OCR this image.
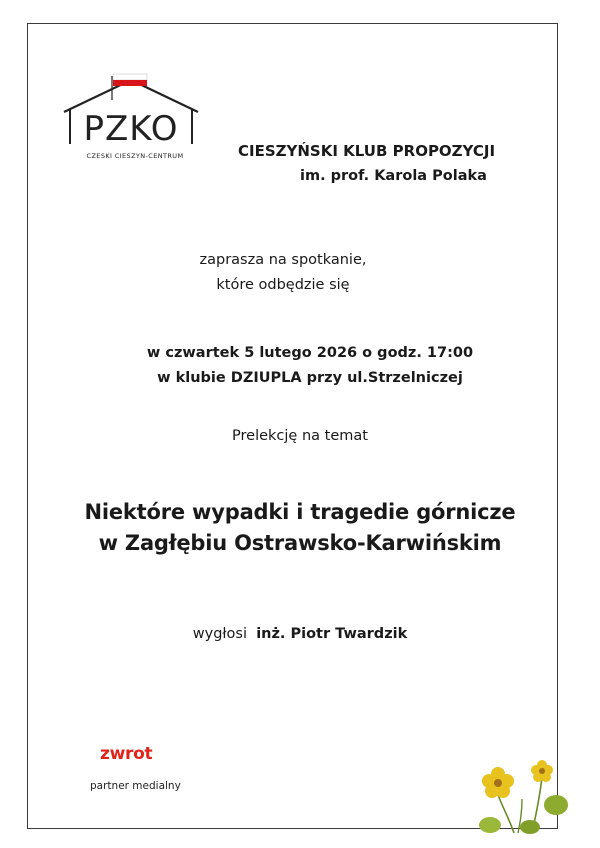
PZKO
CZESKI CIESZYN-CENTRUM	CIESZYŃSKI KLUB PROPOZYCJI
im. prof. Karola Polaka
zaprasza na spotkanie,
które odbędzie się
w czwartek 5 lutego 2026 o godz. 17:00
w klubie DZIUPLA przy ul.Strzelniczej
Prelekcję na temat
Niektóre wypadki i tragedie górnicze
w Zagłębiu Ostrawsko-Karwińskim
wygłosi inż. Piotr Twardzik
zwrot
partner medialny
